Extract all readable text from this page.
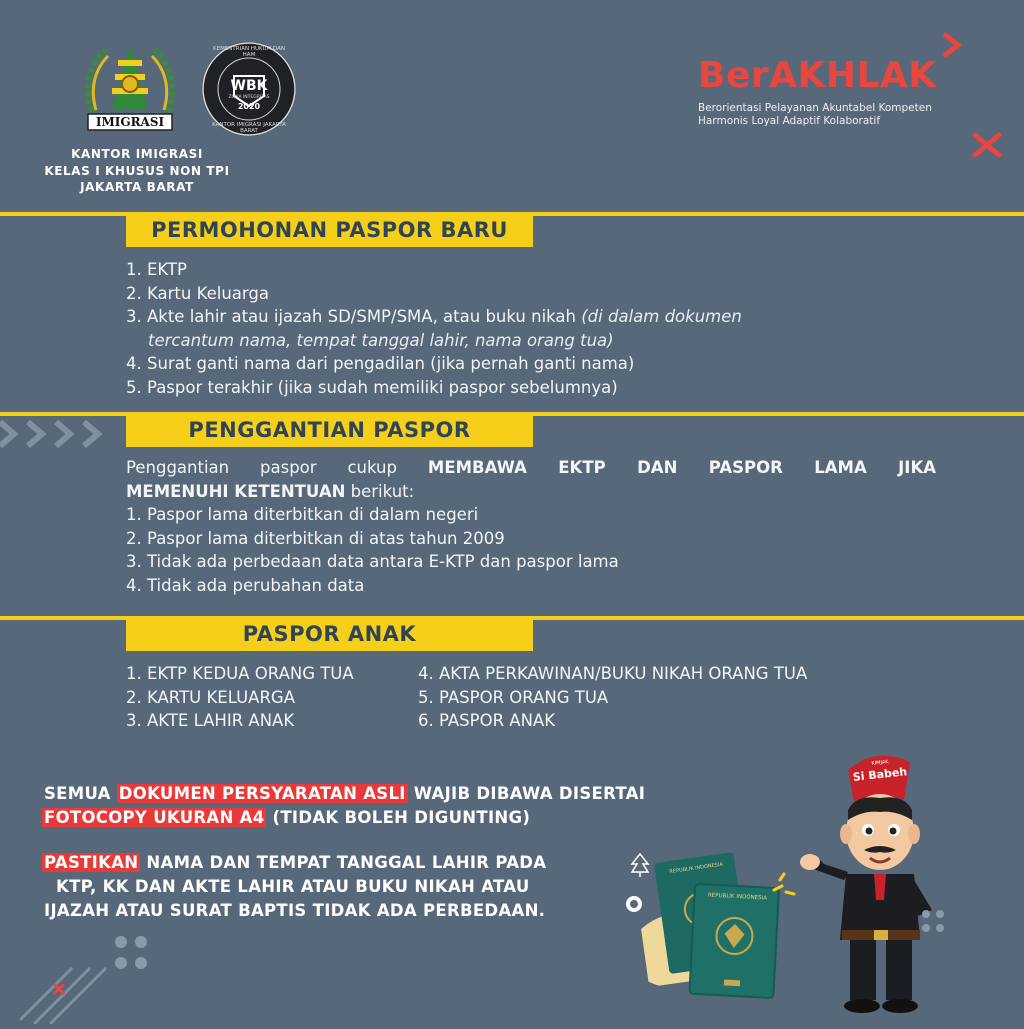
IMIGRASI
KEMENTRIAN HUKUM DAN HAM
WBK
ZONA INTEGRITAS
2020
KANTOR IMIGRASI JAKARTA BARAT
KANTOR IMIGRASI
KELAS I KHUSUS NON TPI
JAKARTA BARAT
BerAKHLAK
Berorientasi Pelayanan Akuntabel Kompeten
Harmonis Loyal Adaptif Kolaboratif
PERMOHONAN PASPOR BARU
1. EKTP
2. Kartu Keluarga
3. Akte lahir atau ijazah SD/SMP/SMA, atau buku nikah (di dalam dokumen
tercantum nama, tempat tanggal lahir, nama orang tua)
4. Surat ganti nama dari pengadilan (jika pernah ganti nama)
5. Paspor terakhir (jika sudah memiliki paspor sebelumnya)
PENGGANTIAN PASPOR
Penggantian paspor cukup MEMBAWA EKTP DAN PASPOR LAMA JIKA
MEMENUHI KETENTUAN berikut:
1. Paspor lama diterbitkan di dalam negeri
2. Paspor lama diterbitkan di atas tahun 2009
3. Tidak ada perbedaan data antara E-KTP dan paspor lama
4. Tidak ada perubahan data
PASPOR ANAK
1. EKTP KEDUA ORANG TUA
2. KARTU KELUARGA
3. AKTE LAHIR ANAK
4. AKTA PERKAWINAN/BUKU NIKAH ORANG TUA
5. PASPOR ORANG TUA
6. PASPOR ANAK
SEMUA DOKUMEN PERSYARATAN ASLI WAJIB DIBAWA DISERTAI
FOTOCOPY UKURAN A4 (TIDAK BOLEH DIGUNTING)
PASTIKAN NAMA DAN TEMPAT TANGGAL LAHIR PADA
KTP, KK DAN AKTE LAHIR ATAU BUKU NIKAH ATAU
IJAZAH ATAU SURAT BAPTIS TIDAK ADA PERBEDAAN.
REPUBLIK INDONESIA
REPUBLIK INDONESIA
KIMJAK
Si Babeh
